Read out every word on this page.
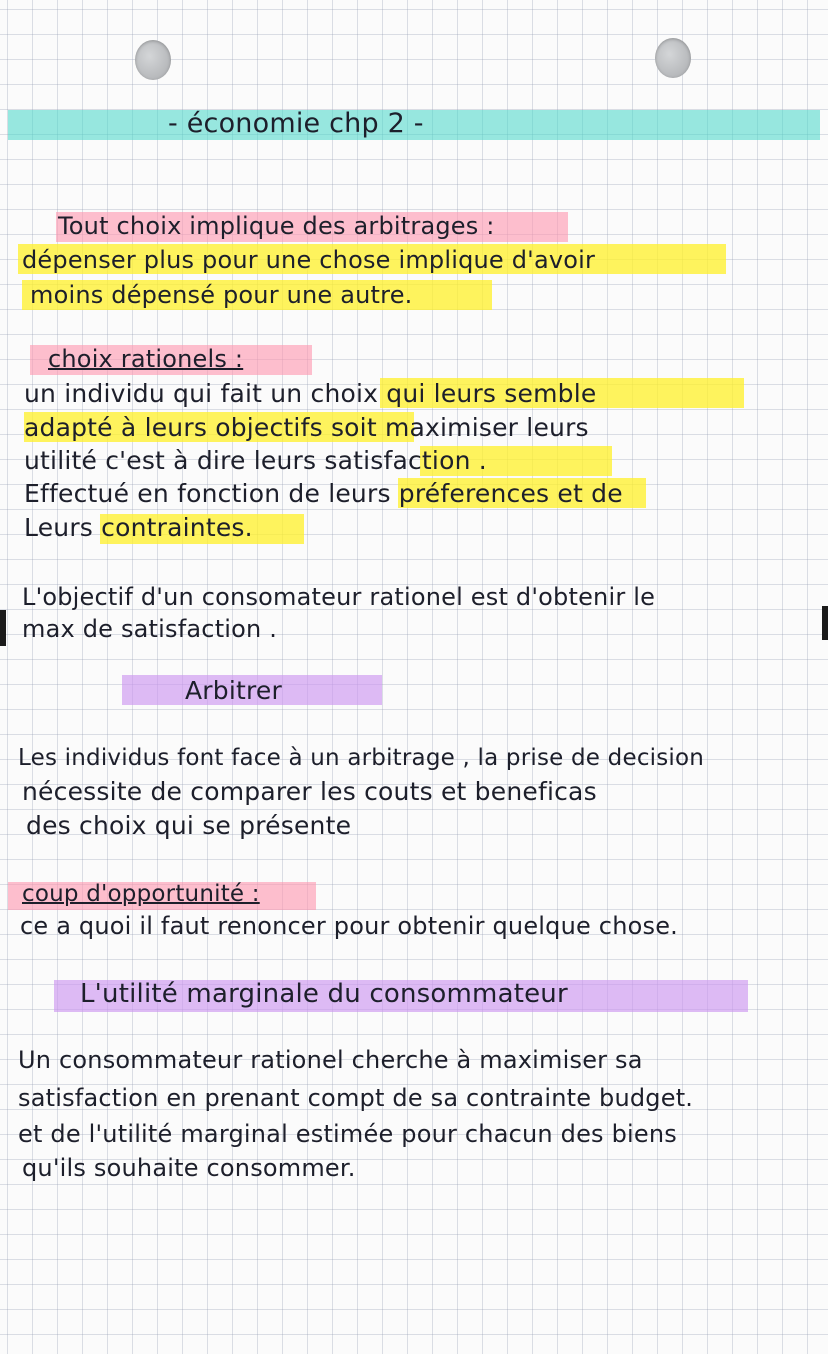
- économie chp 2 -
Tout choix implique des arbitrages :
dépenser plus pour une chose implique d'avoir
moins dépensé pour une autre.
choix rationels :
un individu qui fait un choix qui leurs semble
adapté à leurs objectifs soit maximiser leurs
utilité c'est à dire leurs satisfaction .
Effectué en fonction de leurs préferences et de
Leurs contraintes.
L'objectif d'un consomateur rationel est d'obtenir le
max de satisfaction .
Arbitrer
Les individus font face à un arbitrage , la prise de decision
nécessite de comparer les couts et beneficas
des choix qui se présente
coup d'opportunité :
ce a quoi il faut renoncer pour obtenir quelque chose.
L'utilité marginale du consommateur
Un consommateur rationel cherche à maximiser sa
satisfaction en prenant compt de sa contrainte budget.
et de l'utilité marginal estimée pour chacun des biens
qu'ils souhaite consommer.
